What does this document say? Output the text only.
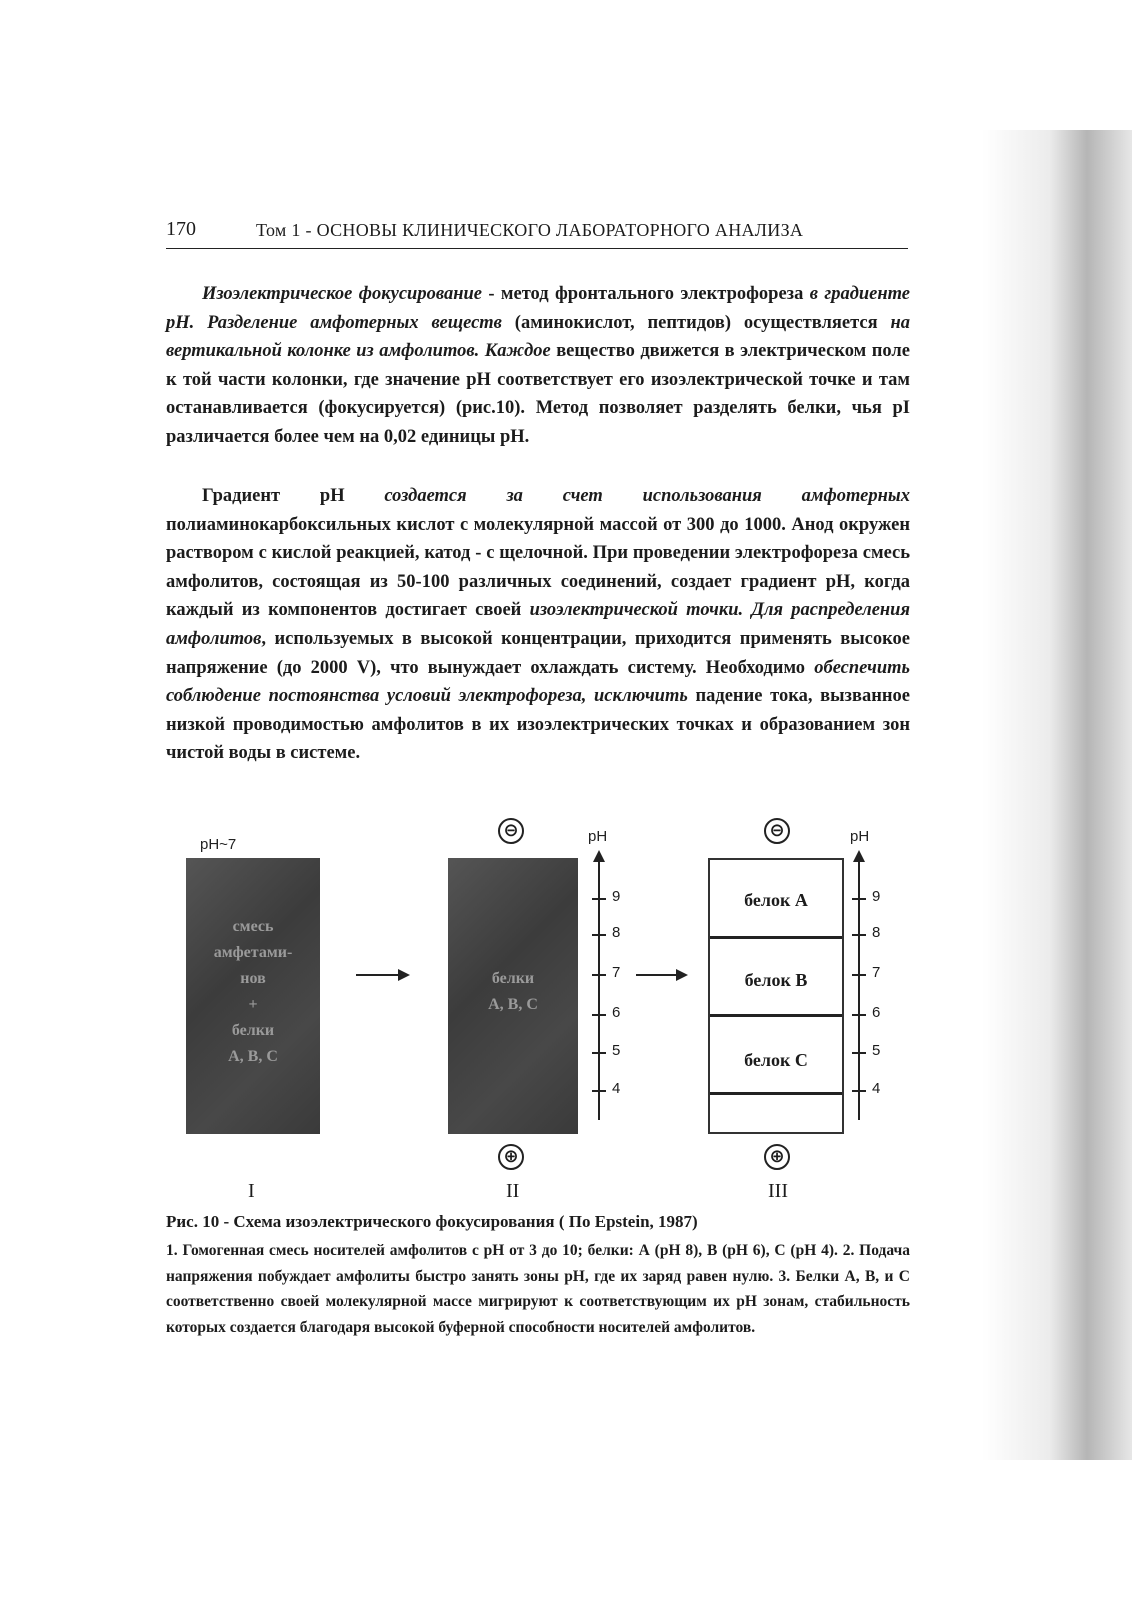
170	Том 1 - ОСНОВЫ КЛИНИЧЕСКОГО ЛАБОРАТОРНОГО АНАЛИЗА
Изоэлектрическое фокусирование - метод фронтального электрофореза в градиенте pH. Разделение амфотерных веществ (аминокислот, пептидов) осуществляется на вертикальной колонке из амфолитов. Каждое вещество движется в электрическом поле к той части колонки, где значение pH соответствует его изоэлектрической точке и там останавливается (фокусируется) (рис.10). Метод позволяет разделять белки, чья pI различается более чем на 0,02 единицы pH.
Градиент pH создается за счет использования амфотерных полиаминокарбоксильных кислот с молекулярной массой от 300 до 1000. Анод окружен раствором с кислой реакцией, катод - с щелочной. При проведении электрофореза смесь амфолитов, состоящая из 50-100 различных соединений, создает градиент pH, когда каждый из компонентов достигает своей изоэлектрической точки. Для распределения амфолитов, используемых в высокой концентрации, приходится применять высокое напряжение (до 2000 V), что вынуждает охлаждать систему. Необходимо обеспечить соблюдение постоянства условий электрофореза, исключить падение тока, вызванное низкой проводимостью амфолитов в их изоэлектрических точках и образованием зон чистой воды в системе.
pH~7
смесь
амфетами-
нов
+
белки
A, B, C
⊖
белки
A, B, C
pH
9
8
7
6
5
4
⊕
⊖
белок А
белок В
белок С
pH
9
8
7
6
5
4
⊕
I	II	III
Рис. 10 - Схема изоэлектрического фокусирования ( По Epstein, 1987)
1. Гомогенная смесь носителей амфолитов с pH от 3 до 10; белки: А (pH 8), В (pH 6), С (pH 4). 2. Подача напряжения побуждает амфолиты быстро занять зоны pH, где их заряд равен нулю. 3. Белки А, В, и С соответственно своей молекулярной массе мигрируют к соответствующим их pH зонам, стабильность которых создается благодаря высокой буферной способности носителей амфолитов.
